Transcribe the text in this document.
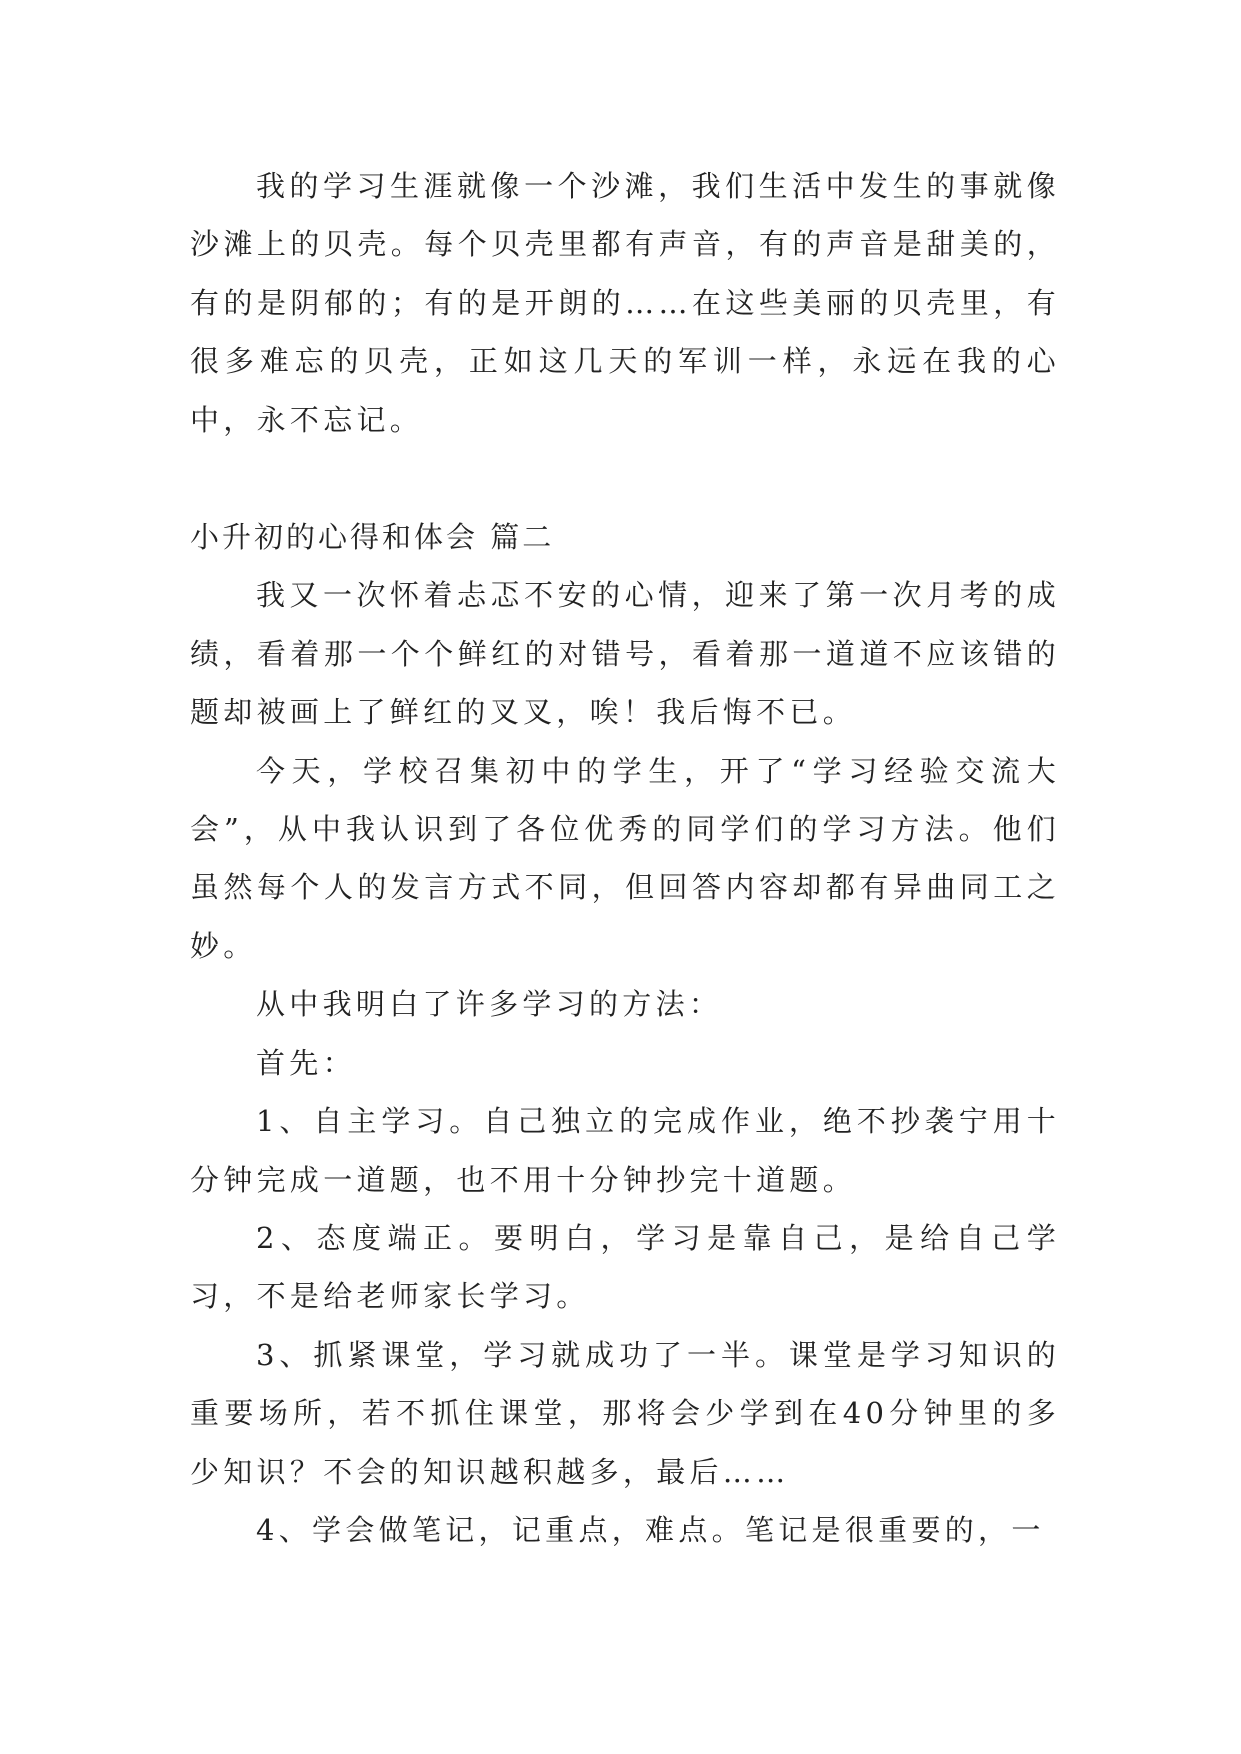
我的学习生涯就像一个沙滩，我们生活中发生的事就像沙滩上的贝壳。每个贝壳里都有声音，有的声音是甜美的，有的是阴郁的；有的是开朗的……在这些美丽的贝壳里，有很多难忘的贝壳，正如这几天的军训一样，永远在我的心中，永不忘记。

小升初的心得和体会 篇二

我又一次怀着忐忑不安的心情，迎来了第一次月考的成绩，看着那一个个鲜红的对错号，看着那一道道不应该错的题却被画上了鲜红的叉叉，唉！我后悔不已。

今天，学校召集初中的学生，开了“学习经验交流大会”，从中我认识到了各位优秀的同学们的学习方法。他们虽然每个人的发言方式不同，但回答内容却都有异曲同工之妙。

从中我明白了许多学习的方法：

首先：

1、自主学习。自己独立的完成作业，绝不抄袭宁用十分钟完成一道题，也不用十分钟抄完十道题。

2、态度端正。要明白，学习是靠自己，是给自己学习，不是给老师家长学习。

3、抓紧课堂，学习就成功了一半。课堂是学习知识的重要场所，若不抓住课堂，那将会少学到在40分钟里的多少知识？不会的知识越积越多，最后……

4、学会做笔记，记重点，难点。笔记是很重要的，一
